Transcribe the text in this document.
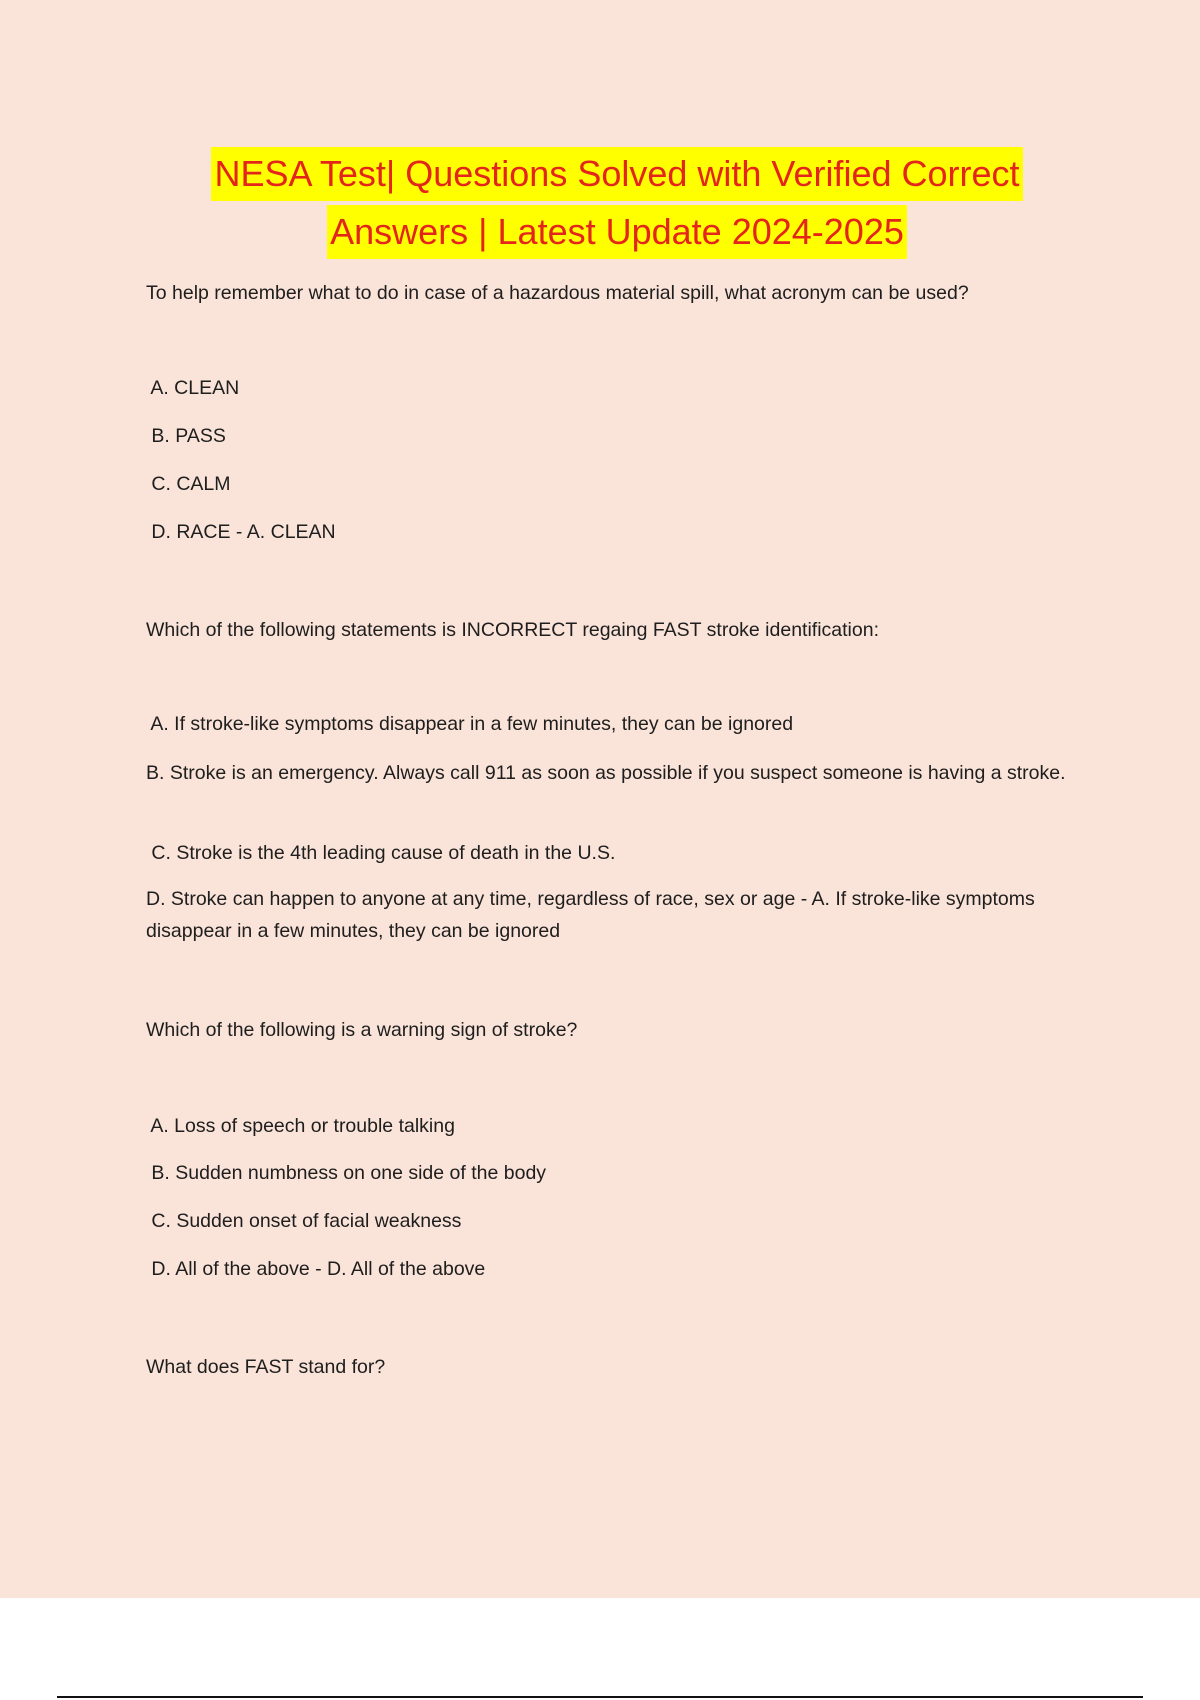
NESA Test| Questions Solved with Verified Correct
Answers | Latest Update 2024-2025
To help remember what to do in case of a hazardous material spill, what acronym can be used?
A. CLEAN
B. PASS
C. CALM
D. RACE - A. CLEAN
Which of the following statements is INCORRECT regaing FAST stroke identification:
A. If stroke-like symptoms disappear in a few minutes, they can be ignored
B. Stroke is an emergency. Always call 911 as soon as possible if you suspect someone is having a stroke.
C. Stroke is the 4th leading cause of death in the U.S.
D. Stroke can happen to anyone at any time, regardless of race, sex or age - A. If stroke-like symptoms disappear in a few minutes, they can be ignored
Which of the following is a warning sign of stroke?
A. Loss of speech or trouble talking
B. Sudden numbness on one side of the body
C. Sudden onset of facial weakness
D. All of the above - D. All of the above
What does FAST stand for?
